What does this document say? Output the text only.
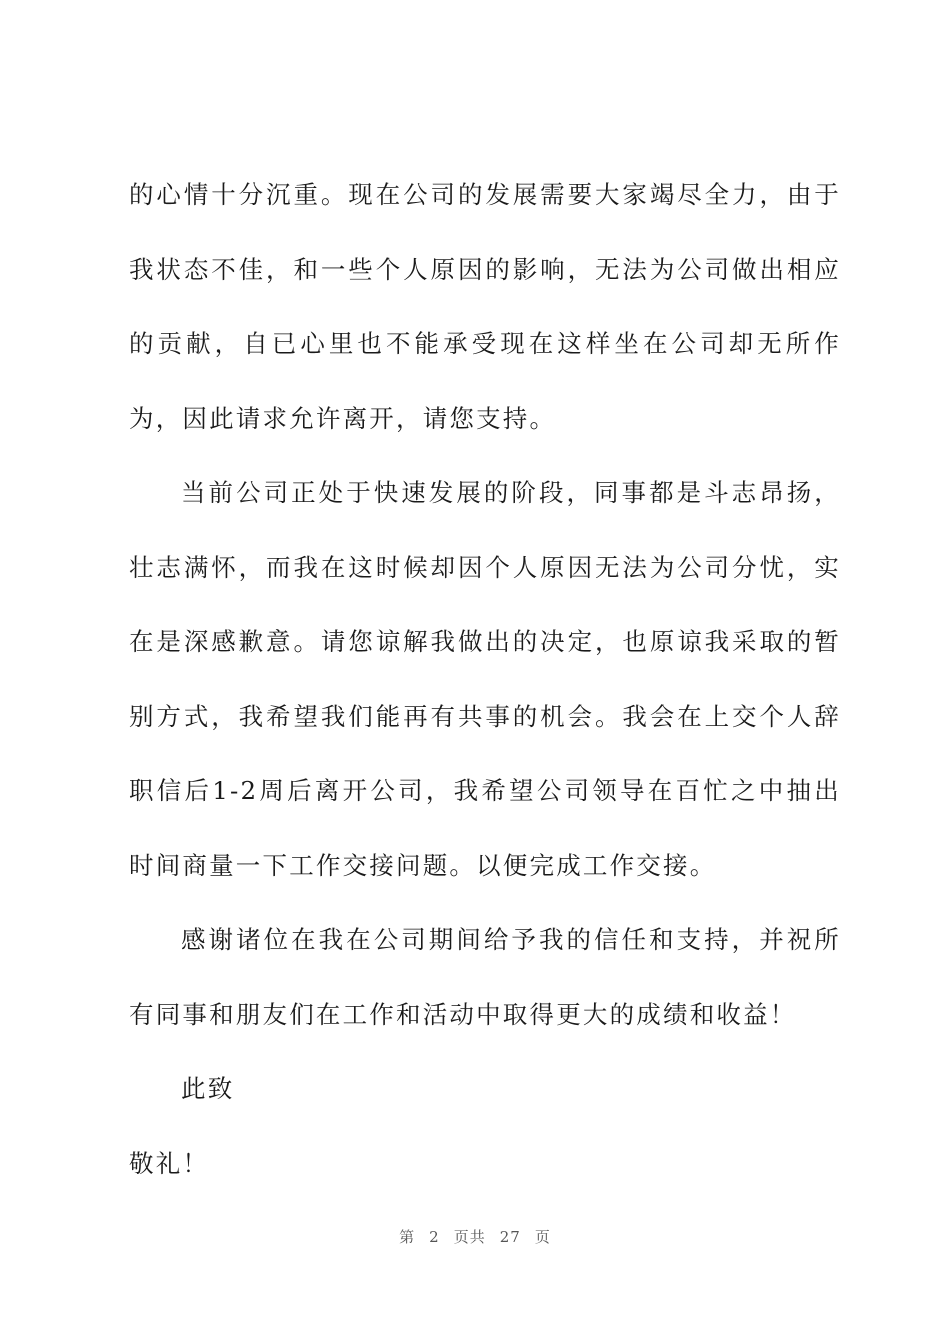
的心情十分沉重。现在公司的发展需要大家竭尽全力，由于我状态不佳，和一些个人原因的影响，无法为公司做出相应的贡献，自已心里也不能承受现在这样坐在公司却无所作为，因此请求允许离开，请您支持。

当前公司正处于快速发展的阶段，同事都是斗志昂扬，壮志满怀，而我在这时候却因个人原因无法为公司分忧，实在是深感歉意。请您谅解我做出的决定，也原谅我采取的暂别方式，我希望我们能再有共事的机会。我会在上交个人辞职信后1-2周后离开公司，我希望公司领导在百忙之中抽出时间商量一下工作交接问题。以便完成工作交接。

感谢诸位在我在公司期间给予我的信任和支持，并祝所有同事和朋友们在工作和活动中取得更大的成绩和收益！

此致

敬礼！

第 2 页共 27 页
